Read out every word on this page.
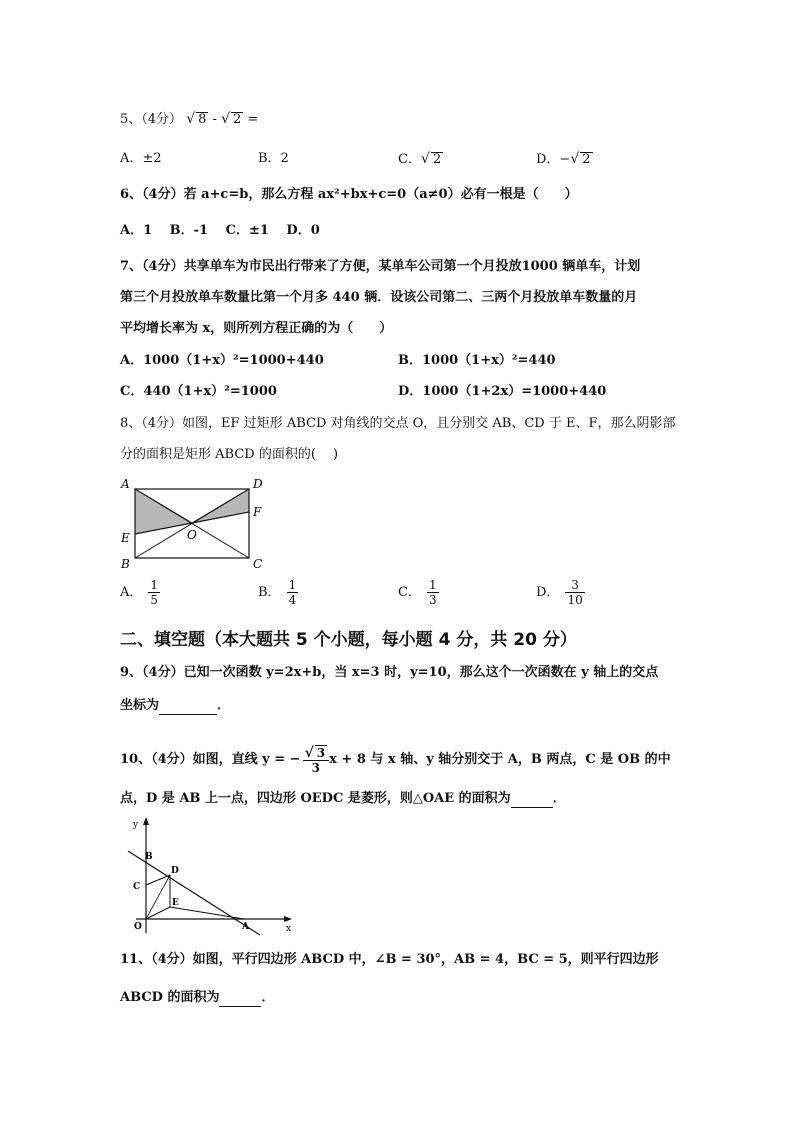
5、（4分） √ 8 - √ 2 =
A．±2	B．2	C．√ 2	D．−√ 2
6、（4分）若 a+c=b，那么方程 ax²+bx+c=0（a≠0）必有一根是（　　）
A．1　 B．-1　 C．±1　 D．0
7、（4分）共享单车为市民出行带来了方便，某单车公司第一个月投放1000 辆单车，计划
第三个月投放单车数量比第一个月多 440 辆．设该公司第二、三两个月投放单车数量的月
平均增长率为 x，则所列方程正确的为（　　）
A．1000（1+x）²=1000+440	B．1000（1+x）²=440
C．440（1+x）²=1000	D．1000（1+2x）=1000+440
8、（4分）如图，EF 过矩形 ABCD 对角线的交点 O，且分别交 AB、CD 于 E、F，那么阴影部
分的面积是矩形 ABCD 的面积的(　 )
A	D
F
E	O
B	C
A． $\frac{1}{5}$	B． $\frac{1}{4}$	C． $\frac{1}{3}$	D． $\frac{3}{10}$
二、填空题（本大题共 5 个小题，每小题 4 分，共 20 分）
9、（4分）已知一次函数 y=2x+b，当 x=3 时，y=10，那么这个一次函数在 y 轴上的交点
坐标为	．
10、（4分）如图，直线 y = − $\frac{√ 3}{3}$ x + 8 与 x 轴、y 轴分别交于 A，B 两点，C 是 OB 的中
点，D 是 AB 上一点，四边形 OEDC 是菱形，则△OAE 的面积为	．
y
B
D
C
E
O	A	x
11、（4分）如图，平行四边形 ABCD 中，∠B = 30°，AB = 4，BC = 5，则平行四边形
ABCD 的面积为	．
